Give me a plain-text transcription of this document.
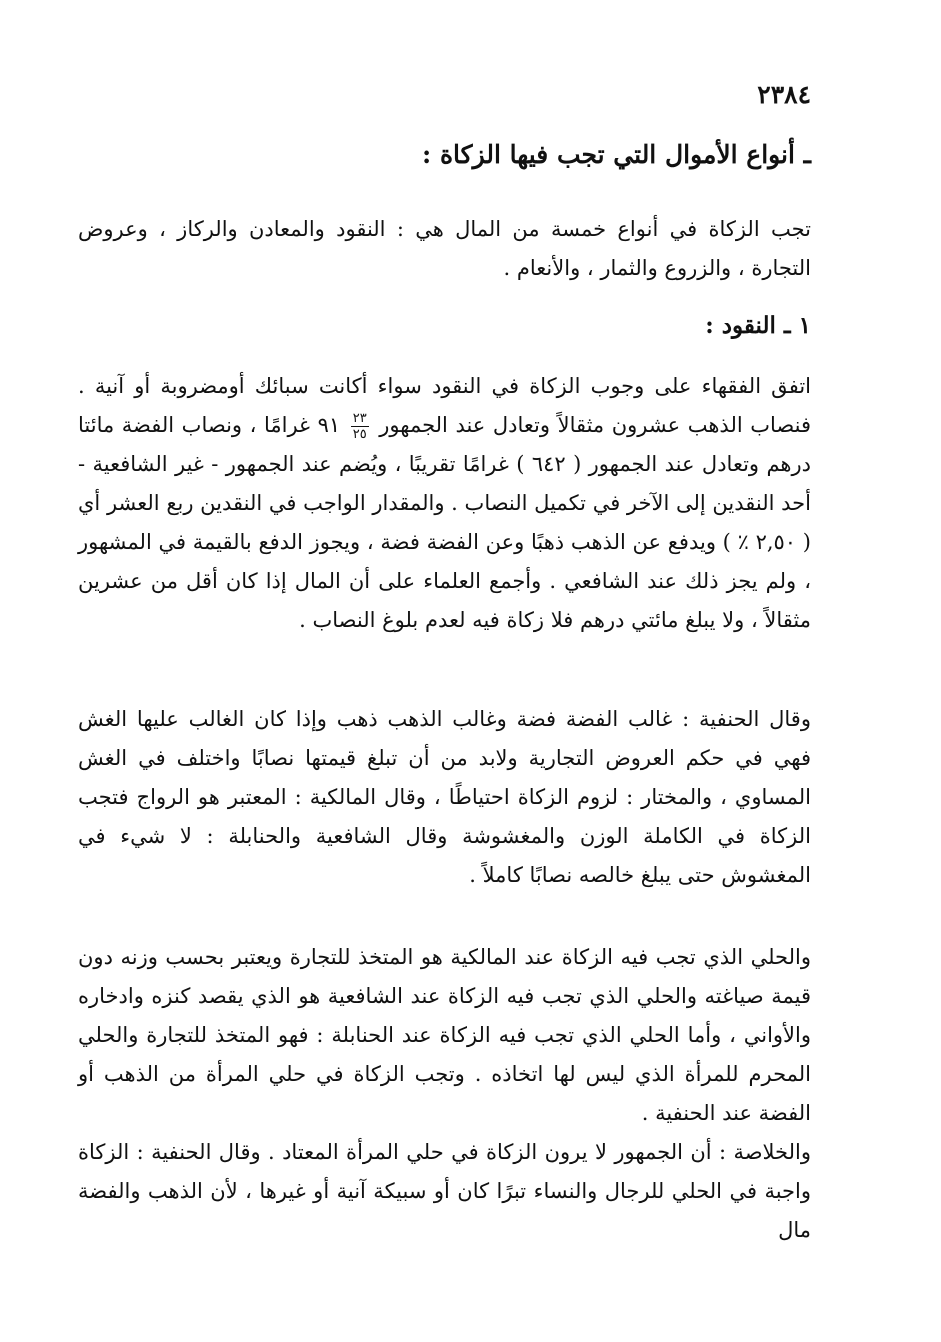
٢٣٨٤
ـ أنواع الأموال التي تجب فيها الزكاة :

تجب الزكاة في أنواع خمسة من المال هي : النقود والمعادن والركاز ، وعروض التجارة ، والزروع والثمار ، والأنعام .

١ ـ النقود :

اتفق الفقهاء على وجوب الزكاة في النقود سواء أكانت سبائك أومضروبة أو آنية . فنصاب الذهب عشرون مثقالاً وتعادل عند الجمهور
$\frac{٢٣}{٢٥}$
٩١ غرامًا ، ونصاب الفضة مائتا درهم وتعادل عند الجمهور ( ٦٤٢ ) غرامًا تقريبًا ، ويُضم عند الجمهور - غير الشافعية - أحد النقدين إلى الآخر في تكميل النصاب . والمقدار الواجب في النقدين ربع العشر أي ( ٢,٥٠ ٪ ) ويدفع عن الذهب ذهبًا وعن الفضة فضة ، ويجوز الدفع بالقيمة في المشهور ، ولم يجز ذلك عند الشافعي . وأجمع العلماء على أن المال إذا كان أقل من عشرين مثقالاً ، ولا يبلغ مائتي درهم فلا زكاة فيه لعدم بلوغ النصاب .

وقال الحنفية : غالب الفضة فضة وغالب الذهب ذهب وإذا كان الغالب عليها الغش فهي في حكم العروض التجارية ولابد من أن تبلغ قيمتها نصابًا واختلف في الغش المساوي ، والمختار : لزوم الزكاة احتياطًا ، وقال المالكية : المعتبر هو الرواج فتجب الزكاة في الكاملة الوزن والمغشوشة وقال الشافعية والحنابلة : لا شيء في المغشوش حتى يبلغ خالصه نصابًا كاملاً .

والحلي الذي تجب فيه الزكاة عند المالكية هو المتخذ للتجارة ويعتبر بحسب وزنه دون قيمة صياغته والحلي الذي تجب فيه الزكاة عند الشافعية هو الذي يقصد كنزه وادخاره والأواني ، وأما الحلي الذي تجب فيه الزكاة عند الحنابلة : فهو المتخذ للتجارة والحلي المحرم للمرأة الذي ليس لها اتخاذه . وتجب الزكاة في حلي المرأة من الذهب أو الفضة عند الحنفية .

والخلاصة : أن الجمهور لا يرون الزكاة في حلي المرأة المعتاد . وقال الحنفية : الزكاة واجبة في الحلي للرجال والنساء تبرًا كان أو سبيكة آنية أو غيرها ، لأن الذهب والفضة مال
